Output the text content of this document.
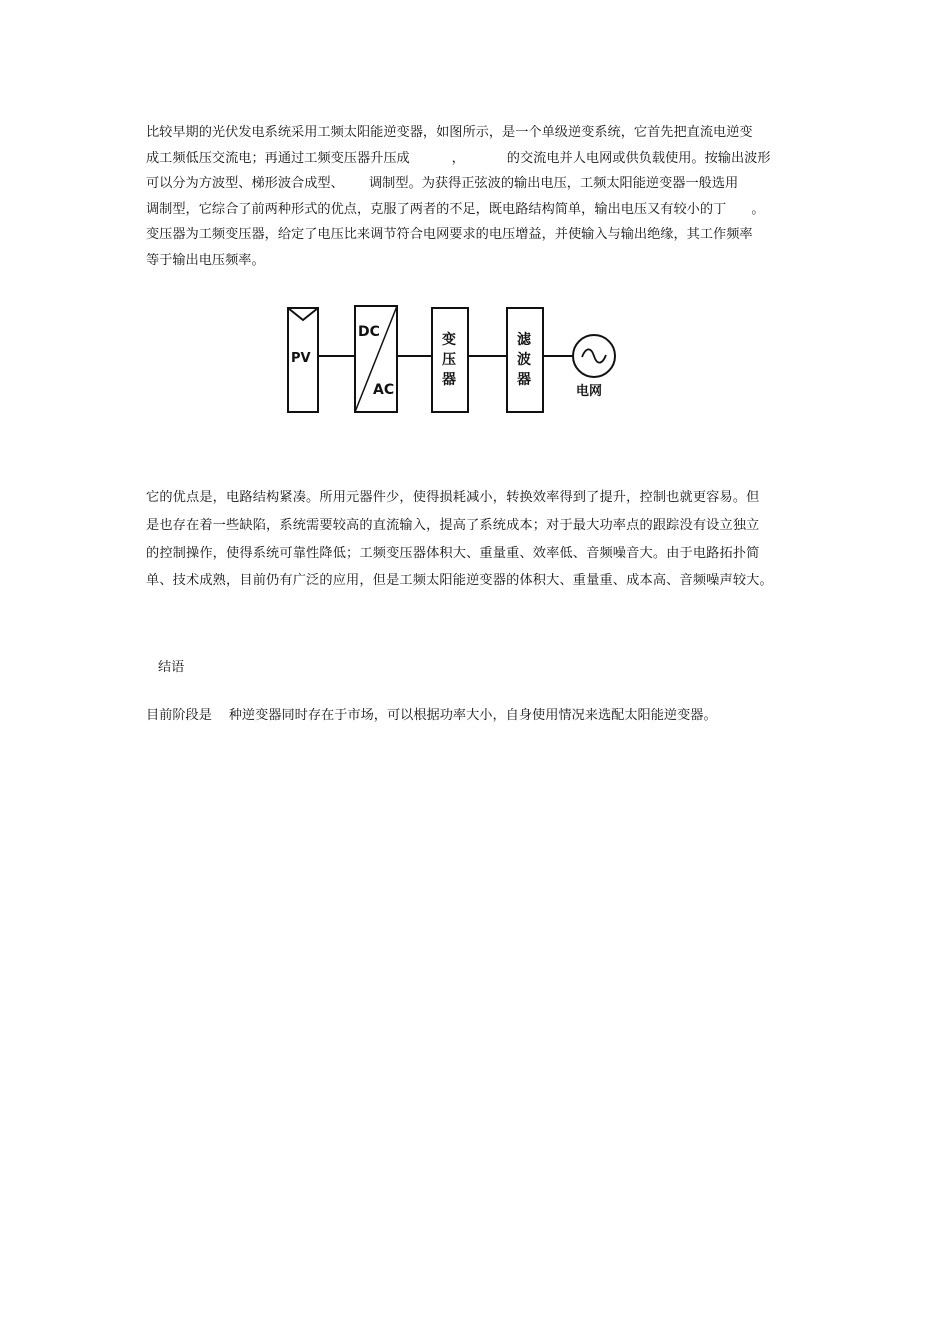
比较早期的光伏发电系统采用工频太阳能逆变器，如图所示，是一个单级逆变系统，它首先把直流电逆变
成工频低压交流电；再通过工频变压器升压成          ，          的交流电并人电网或供负载使用。按输出波形
可以分为方波型、梯形波合成型、      调制型。为获得正弦波的输出电压，工频太阳能逆变器一般选用
调制型，它综合了前两种形式的优点，克服了两者的不足，既电路结构简单，输出电压又有较小的丁      。
变压器为工频变压器，给定了电压比来调节符合电网要求的电压增益，并使输入与输出绝缘，其工作频率
等于输出电压频率。
PV
DC
AC
变
压
器
滤
波
器
电网
它的优点是，电路结构紧凑。所用元器件少，使得损耗减小，转换效率得到了提升，控制也就更容易。但
是也存在着一些缺陷，系统需要较高的直流输入，提高了系统成本；对于最大功率点的跟踪没有设立独立
的控制操作，使得系统可靠性降低；工频变压器体积大、重量重、效率低、音频噪音大。由于电路拓扑简
单、技术成熟，目前仍有广泛的应用，但是工频太阳能逆变器的体积大、重量重、成本高、音频噪声较大。
结语
目前阶段是    种逆变器同时存在于市场，可以根据功率大小，自身使用情况来选配太阳能逆变器。
